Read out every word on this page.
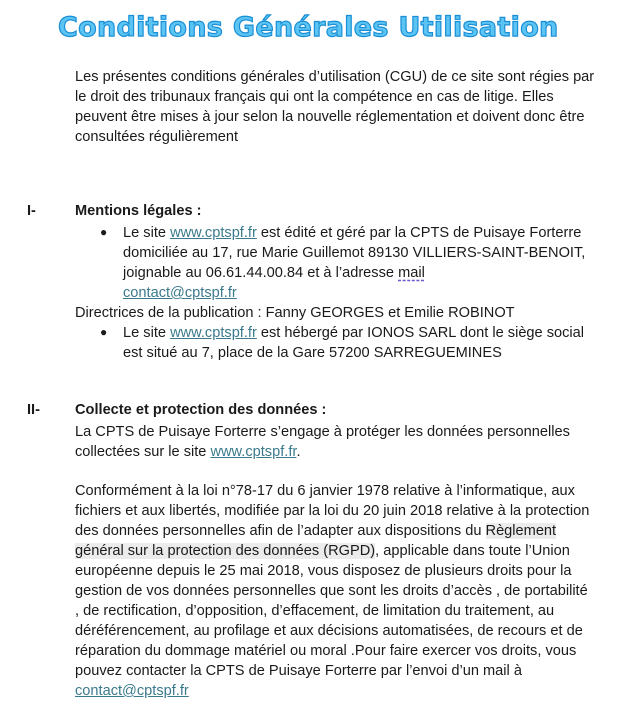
Conditions Générales Utilisation

Les présentes conditions générales d’utilisation (CGU) de ce site sont régies par le droit des tribunaux français qui ont la compétence en cas de litige. Elles peuvent être mises à jour selon la nouvelle réglementation et doivent donc être consultées régulièrement

I-	Mentions légales :
● Le site www.cptspf.fr est édité et géré par la CPTS de Puisaye Forterre domiciliée au 17, rue Marie Guillemot 89130 VILLIERS-SAINT-BENOIT, joignable au 06.61.44.00.84 et à l’adresse mail
contact@cptspf.fr
Directrices de la publication : Fanny GEORGES et Emilie ROBINOT
● Le site www.cptspf.fr est hébergé par IONOS SARL dont le siège social est situé au 7, place de la Gare 57200 SARREGUEMINES
II- Collecte et protection des données :
La CPTS de Puisaye Forterre s’engage à protéger les données personnelles collectées sur le site www.cptspf.fr.
Conformément à la loi n°78-17 du 6 janvier 1978 relative à l’informatique, aux fichiers et aux libertés, modifiée par la loi du 20 juin 2018 relative à la protection des données personnelles afin de l’adapter aux dispositions du Règlement général sur la protection des données (RGPD), applicable dans toute l’Union européenne depuis le 25 mai 2018, vous disposez de plusieurs droits pour la gestion de vos données personnelles que sont les droits d’accès , de portabilité , de rectification, d’opposition, d’effacement, de limitation du traitement, au déréférencement, au profilage et aux décisions automatisées, de recours et de réparation du dommage matériel ou moral .Pour faire exercer vos droits, vous pouvez contacter la CPTS de Puisaye Forterre par l’envoi d’un mail à
contact@cptspf.fr
